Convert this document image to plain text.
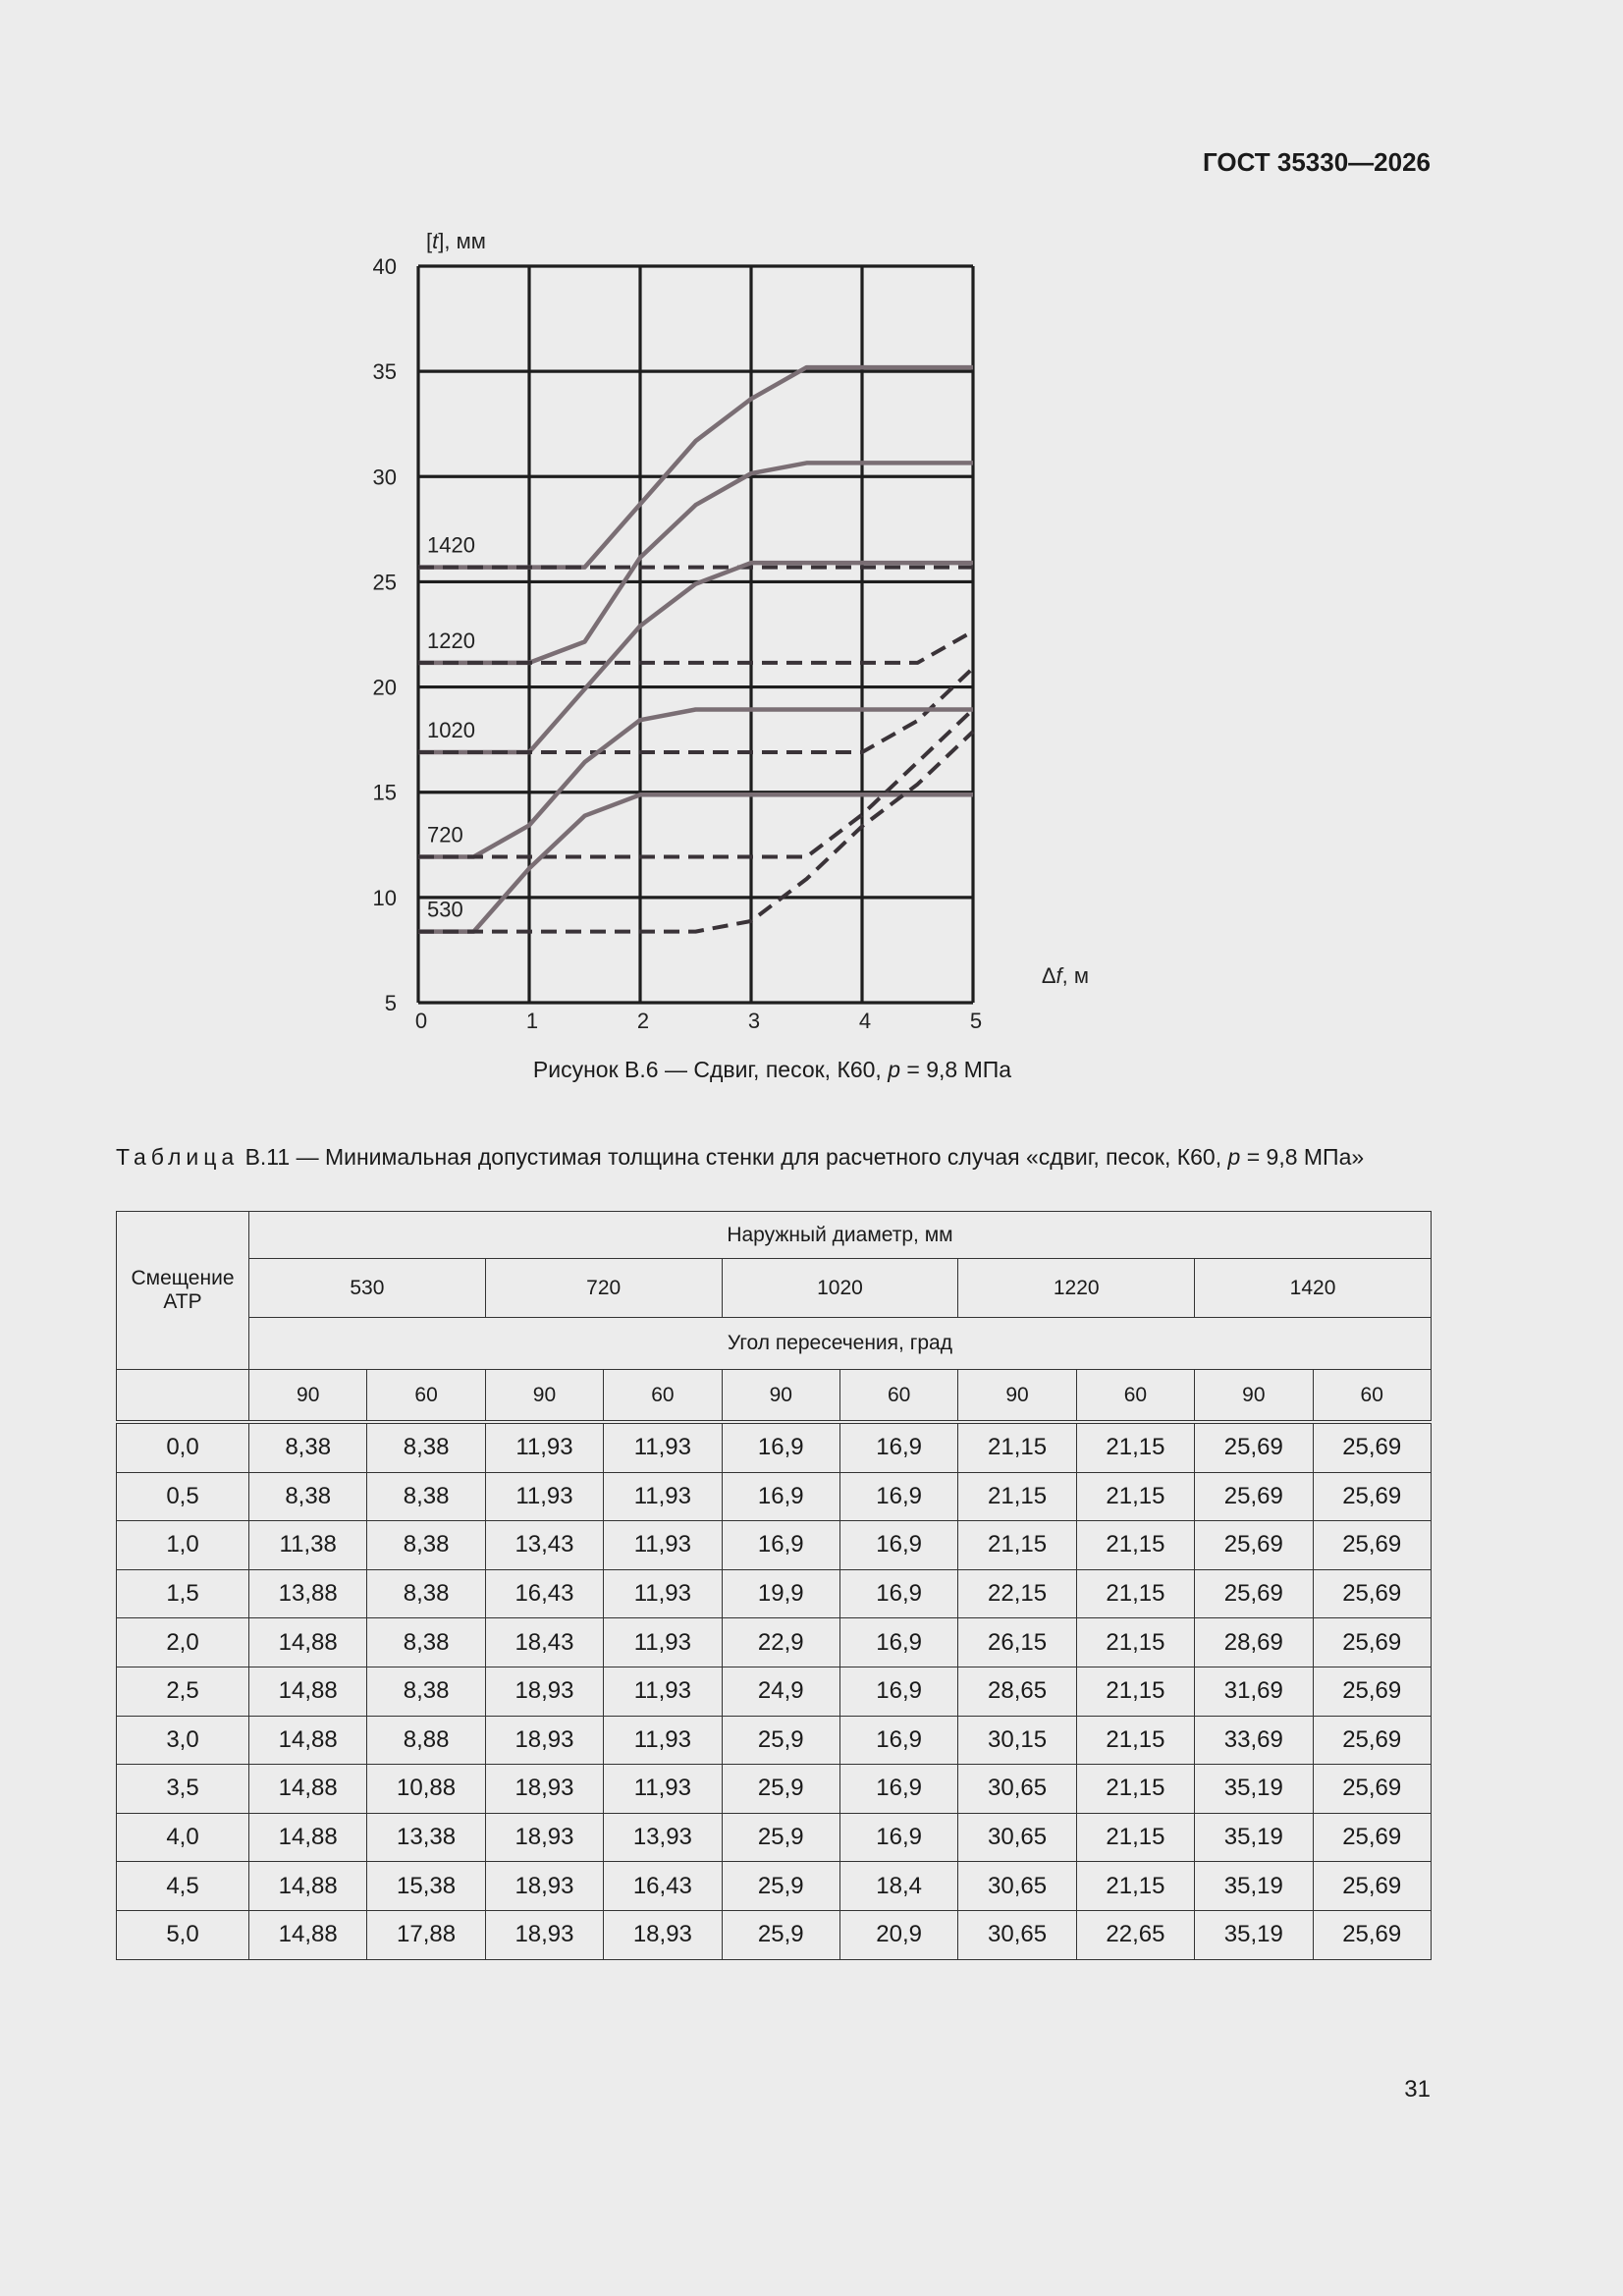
ГОСТ 35330—2026
1420
1220
1020
720
530
5
10
15
20
25
30
35
40
0	1	2	3	4	5
[t], мм
Δf, м
Рисунок В.6 — Сдвиг, песок, К60, p = 9,8 МПа
Таблица В.11 — Минимальная допустимая толщина стенки для расчетного случая «сдвиг, песок, К60, p = 9,8 МПа»
Смещение АТР	Наружный диаметр, мм									
	530		720		1020		1220		1420	
	Угол пересечения, град									
	90	60	90	60	90	60	90	60	90	60
0,0	8,38	8,38	11,93	11,93	16,9	16,9	21,15	21,15	25,69	25,69
0,5	8,38	8,38	11,93	11,93	16,9	16,9	21,15	21,15	25,69	25,69
1,0	11,38	8,38	13,43	11,93	16,9	16,9	21,15	21,15	25,69	25,69
1,5	13,88	8,38	16,43	11,93	19,9	16,9	22,15	21,15	25,69	25,69
2,0	14,88	8,38	18,43	11,93	22,9	16,9	26,15	21,15	28,69	25,69
2,5	14,88	8,38	18,93	11,93	24,9	16,9	28,65	21,15	31,69	25,69
3,0	14,88	8,88	18,93	11,93	25,9	16,9	30,15	21,15	33,69	25,69
3,5	14,88	10,88	18,93	11,93	25,9	16,9	30,65	21,15	35,19	25,69
4,0	14,88	13,38	18,93	13,93	25,9	16,9	30,65	21,15	35,19	25,69
4,5	14,88	15,38	18,93	16,43	25,9	18,4	30,65	21,15	35,19	25,69
5,0	14,88	17,88	18,93	18,93	25,9	20,9	30,65	22,65	35,19	25,69
31
